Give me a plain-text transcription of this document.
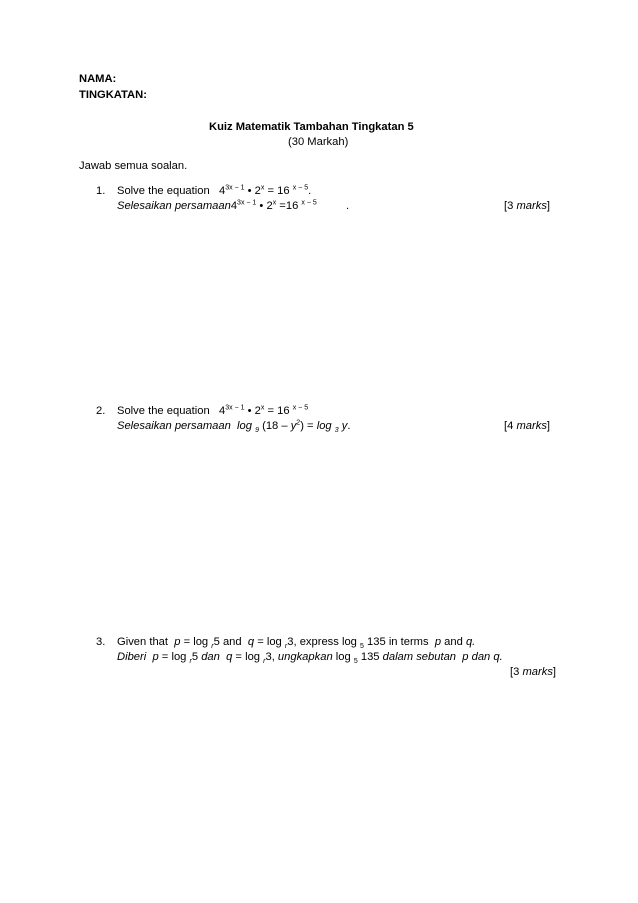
NAMA:
TINGKATAN:
Kuiz Matematik Tambahan Tingkatan 5
(30 Markah)
Jawab semua soalan.
1. Solve the equation $4^{3x - 1}$ • $2^x = 16$ $^{x - 5}$.
Selesaikan $persamaan4^{3x - 1}$ • $2^x =16$ $^{x - 5}$	.	[3 marks]
2. Solve the equation $4^{3x - 1}$ • $2^x = 16$ $^{x - 5}$
Selesaikan persamaan log $_9$ $(18 - y^2) = \log _3$ y.	[4 marks]
3. Given that p = log $_r$5 and q = log $_r$3, express log $_5$ 135 in terms p and q.
Diberi p = log $_r$5 dan q = log $_r$3, ungkapkan log $_5$ 135 dalam sebutan p dan q.
[3 marks]
